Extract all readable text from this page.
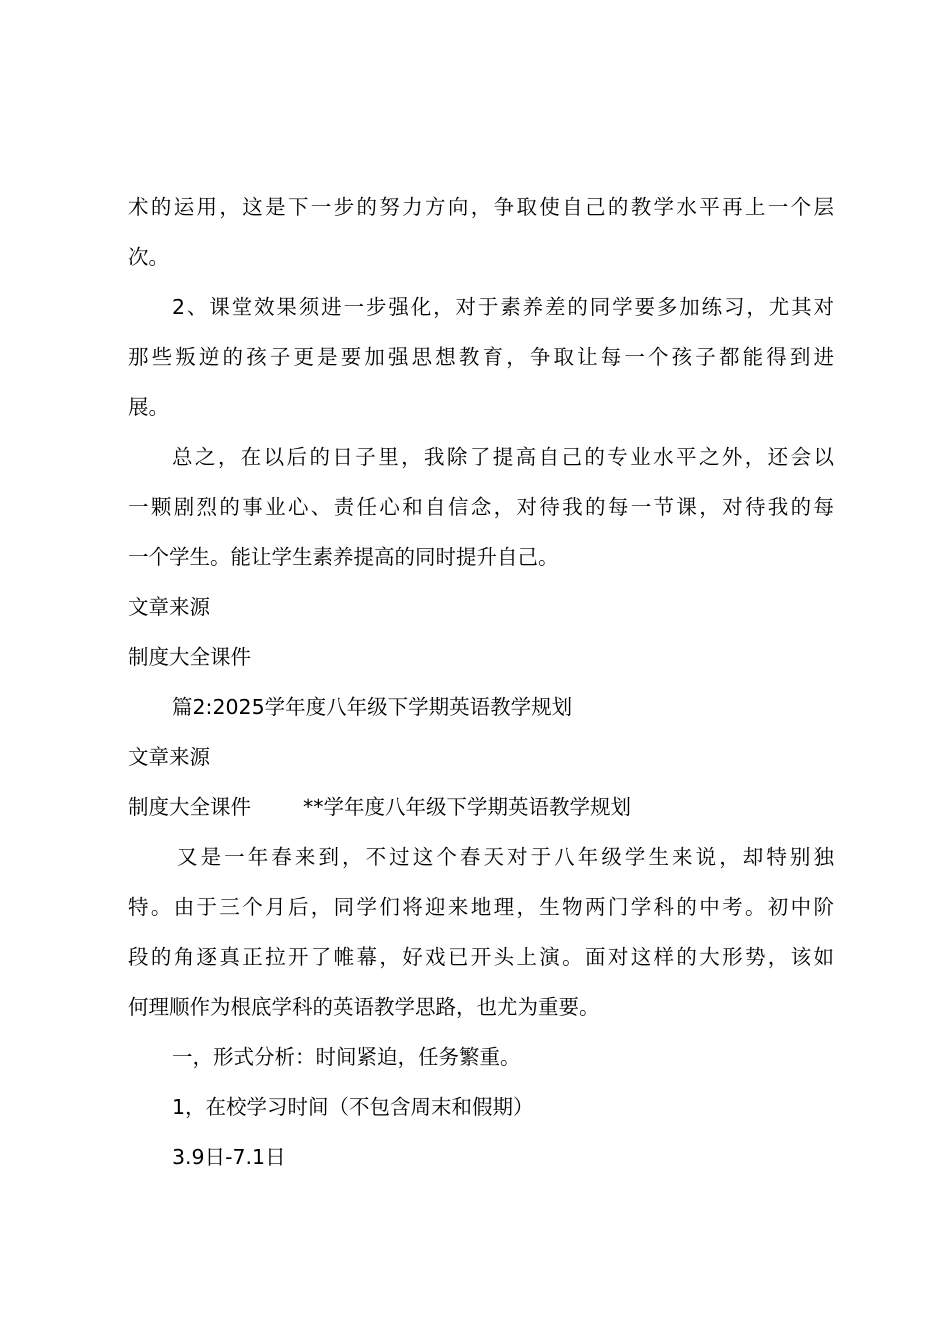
术的运用，这是下一步的努力方向，争取使自己的教学水平再上一个层
次。
2、课堂效果须进一步强化，对于素养差的同学要多加练习，尤其对
那些叛逆的孩子更是要加强思想教育，争取让每一个孩子都能得到进
展。
总之，在以后的日子里，我除了提高自己的专业水平之外，还会以
一颗剧烈的事业心、责任心和自信念，对待我的每一节课，对待我的每
一个学生。能让学生素养提高的同时提升自己。
文章来源
制度大全课件
篇2:2025学年度八年级下学期英语教学规划
文章来源
制度大全课件	**学年度八年级下学期英语教学规划
又是一年春来到，不过这个春天对于八年级学生来说，却特别独
特。由于三个月后，同学们将迎来地理，生物两门学科的中考。初中阶
段的角逐真正拉开了帷幕，好戏已开头上演。面对这样的大形势，该如
何理顺作为根底学科的英语教学思路，也尤为重要。
一，形式分析：时间紧迫，任务繁重。
1，在校学习时间（不包含周末和假期）
3.9日-7.1日
